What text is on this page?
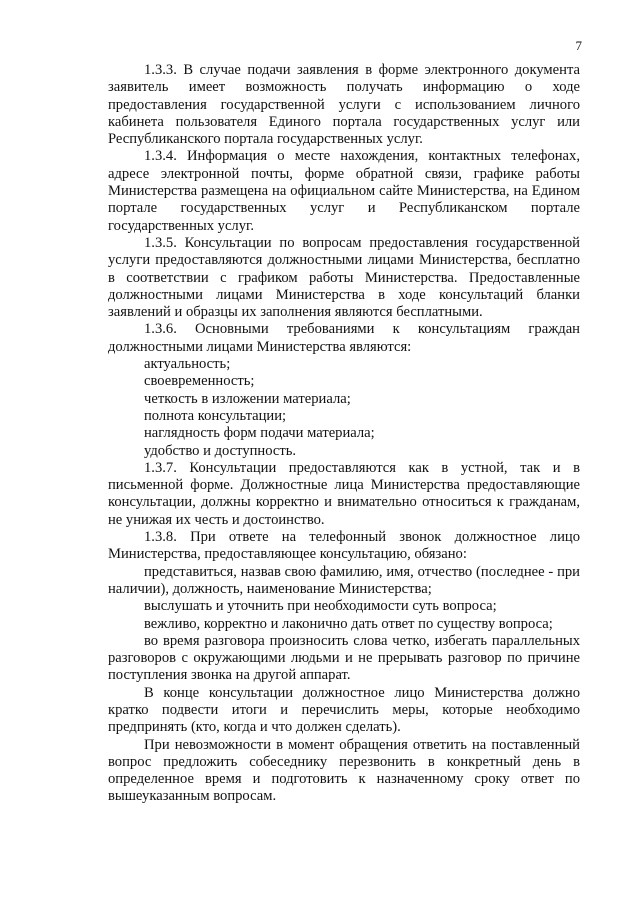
7

1.3.3. В случае подачи заявления в форме электронного документа заявитель имеет возможность получать информацию о ходе предоставления государственной услуги с использованием личного кабинета пользователя Единого портала государственных услуг или Республиканского портала государственных услуг.

1.3.4. Информация о месте нахождения, контактных телефонах, адресе электронной почты, форме обратной связи, графике работы Министерства размещена на официальном сайте Министерства, на Едином портале государственных услуг и Республиканском портале государственных услуг.

1.3.5. Консультации по вопросам предоставления государственной услуги предоставляются должностными лицами Министерства, бесплатно в соответствии с графиком работы Министерства. Предоставленные должностными лицами Министерства в ходе консультаций бланки заявлений и образцы их заполнения являются бесплатными.

1.3.6. Основными требованиями к консультациям граждан должностными лицами Министерства являются:

актуальность;

своевременность;

четкость в изложении материала;

полнота консультации;

наглядность форм подачи материала;

удобство и доступность.

1.3.7. Консультации предоставляются как в устной, так и в письменной форме. Должностные лица Министерства предоставляющие консультации, должны корректно и внимательно относиться к гражданам, не унижая их честь и достоинство.

1.3.8. При ответе на телефонный звонок должностное лицо Министерства, предоставляющее консультацию, обязано:

представиться, назвав свою фамилию, имя, отчество (последнее - при наличии), должность, наименование Министерства;

выслушать и уточнить при необходимости суть вопроса;

вежливо, корректно и лаконично дать ответ по существу вопроса;

во время разговора произносить слова четко, избегать параллельных разговоров с окружающими людьми и не прерывать разговор по причине поступления звонка на другой аппарат.

В конце консультации должностное лицо Министерства должно кратко подвести итоги и перечислить меры, которые необходимо предпринять (кто, когда и что должен сделать).

При невозможности в момент обращения ответить на поставленный вопрос предложить собеседнику перезвонить в конкретный день в определенное время и подготовить к назначенному сроку ответ по вышеуказанным вопросам.
